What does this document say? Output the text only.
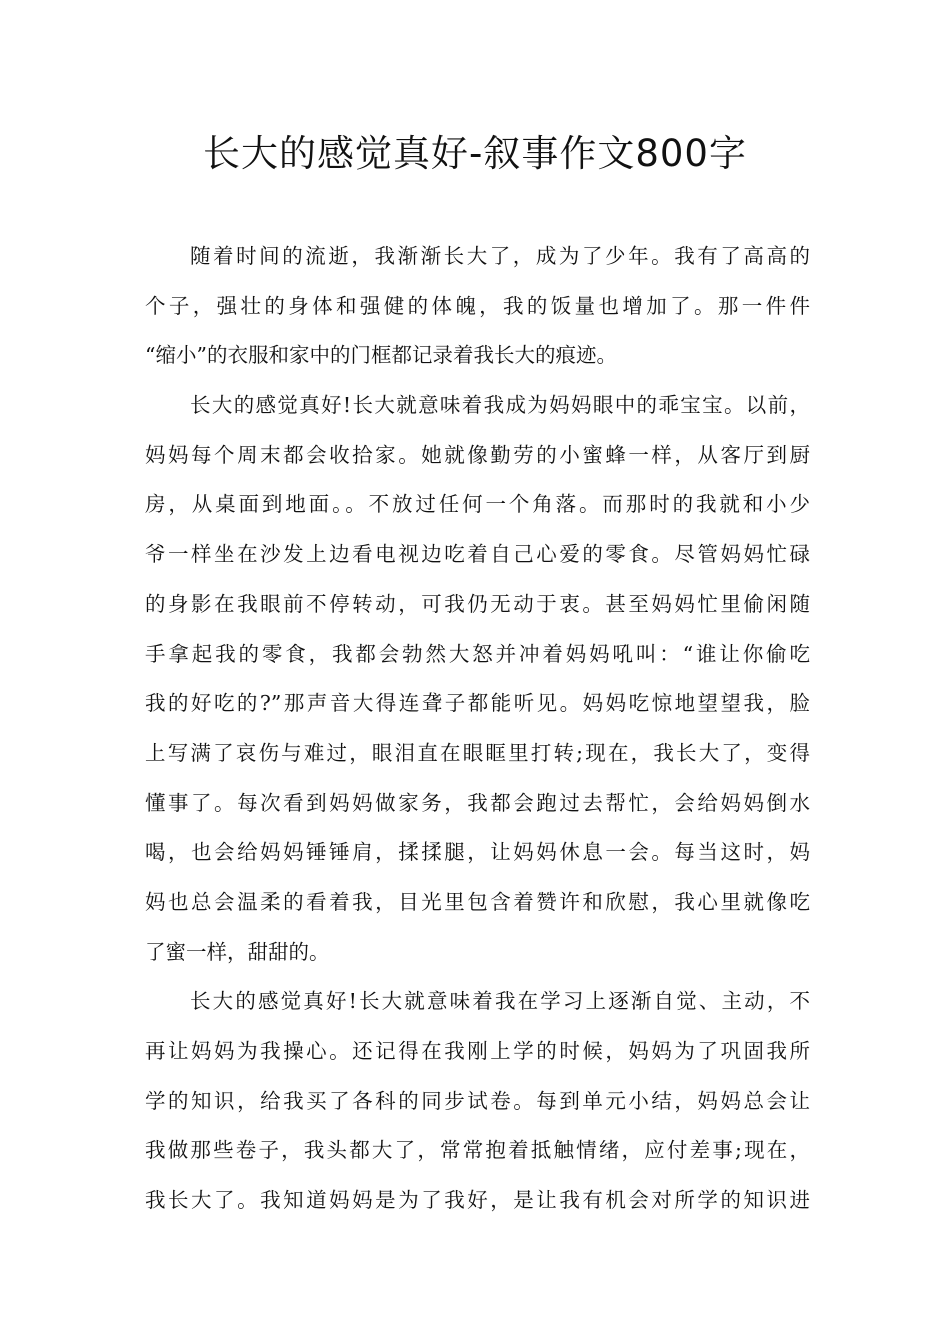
长大的感觉真好-叙事作文800字
随着时间的流逝，我渐渐长大了，成为了少年。我有了高高的
个子，强壮的身体和强健的体魄，我的饭量也增加了。那一件件
“缩小”的衣服和家中的门框都记录着我长大的痕迹。
长大的感觉真好!长大就意味着我成为妈妈眼中的乖宝宝。以前，
妈妈每个周末都会收拾家。她就像勤劳的小蜜蜂一样，从客厅到厨
房，从桌面到地面。。不放过任何一个角落。而那时的我就和小少
爷一样坐在沙发上边看电视边吃着自己心爱的零食。尽管妈妈忙碌
的身影在我眼前不停转动，可我仍无动于衷。甚至妈妈忙里偷闲随
手拿起我的零食，我都会勃然大怒并冲着妈妈吼叫：“谁让你偷吃
我的好吃的?”那声音大得连聋子都能听见。妈妈吃惊地望望我，脸
上写满了哀伤与难过，眼泪直在眼眶里打转;现在，我长大了，变得
懂事了。每次看到妈妈做家务，我都会跑过去帮忙，会给妈妈倒水
喝，也会给妈妈锤锤肩，揉揉腿，让妈妈休息一会。每当这时，妈
妈也总会温柔的看着我，目光里包含着赞许和欣慰，我心里就像吃
了蜜一样，甜甜的。
长大的感觉真好!长大就意味着我在学习上逐渐自觉、主动，不
再让妈妈为我操心。还记得在我刚上学的时候，妈妈为了巩固我所
学的知识，给我买了各科的同步试卷。每到单元小结，妈妈总会让
我做那些卷子，我头都大了，常常抱着抵触情绪，应付差事;现在，
我长大了。我知道妈妈是为了我好，是让我有机会对所学的知识进
